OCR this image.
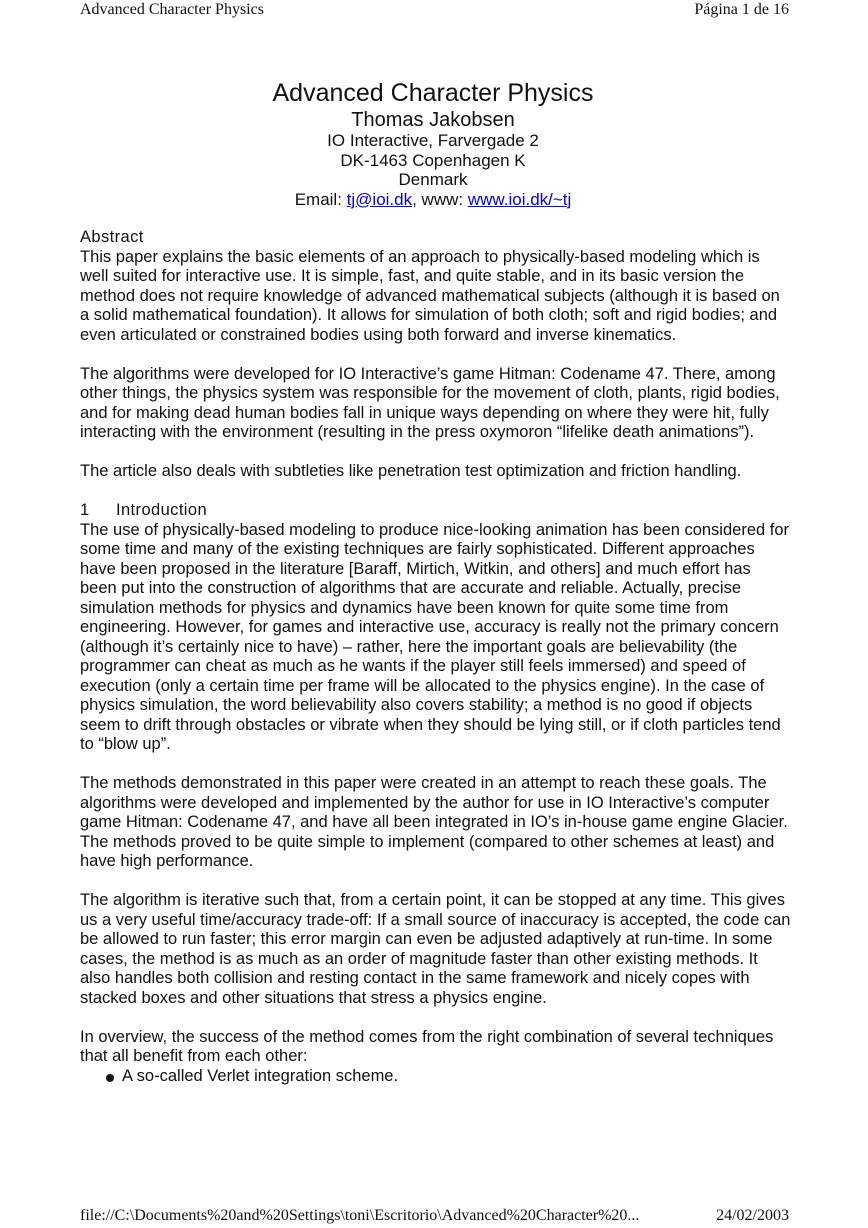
Advanced Character Physics	Página 1 de 16
Advanced Character Physics
Thomas Jakobsen
IO Interactive, Farvergade 2
DK-1463 Copenhagen K
Denmark
Email: tj@ioi.dk, www: www.ioi.dk/~tj
Abstract

This paper explains the basic elements of an approach to physically-based modeling which is well suited for interactive use. It is simple, fast, and quite stable, and in its basic version the method does not require knowledge of advanced mathematical subjects (although it is based on a solid mathematical foundation). It allows for simulation of both cloth; soft and rigid bodies; and even articulated or constrained bodies using both forward and inverse kinematics.

The algorithms were developed for IO Interactive’s game Hitman: Codename 47. There, among other things, the physics system was responsible for the movement of cloth, plants, rigid bodies, and for making dead human bodies fall in unique ways depending on where they were hit, fully interacting with the environment (resulting in the press oxymoron “lifelike death animations”).

The article also deals with subtleties like penetration test optimization and friction handling.

1 Introduction

The use of physically-based modeling to produce nice-looking animation has been considered for some time and many of the existing techniques are fairly sophisticated. Different approaches have been proposed in the literature [Baraff, Mirtich, Witkin, and others] and much effort has been put into the construction of algorithms that are accurate and reliable. Actually, precise simulation methods for physics and dynamics have been known for quite some time from engineering. However, for games and interactive use, accuracy is really not the primary concern (although it’s certainly nice to have) – rather, here the important goals are believability (the programmer can cheat as much as he wants if the player still feels immersed) and speed of execution (only a certain time per frame will be allocated to the physics engine). In the case of physics simulation, the word believability also covers stability; a method is no good if objects seem to drift through obstacles or vibrate when they should be lying still, or if cloth particles tend to “blow up”.

The methods demonstrated in this paper were created in an attempt to reach these goals. The algorithms were developed and implemented by the author for use in IO Interactive’s computer game Hitman: Codename 47, and have all been integrated in IO’s in-house game engine Glacier. The methods proved to be quite simple to implement (compared to other schemes at least) and have high performance.

The algorithm is iterative such that, from a certain point, it can be stopped at any time. This gives us a very useful time/accuracy trade-off: If a small source of inaccuracy is accepted, the code can be allowed to run faster; this error margin can even be adjusted adaptively at run-time. In some cases, the method is as much as an order of magnitude faster than other existing methods. It also handles both collision and resting contact in the same framework and nicely copes with stacked boxes and other situations that stress a physics engine.

In overview, the success of the method comes from the right combination of several techniques that all benefit from each other:

A so-called Verlet integration scheme.
file://C:\Documents%20and%20Settings\toni\Escritorio\Advanced%20Character%20...	24/02/2003
